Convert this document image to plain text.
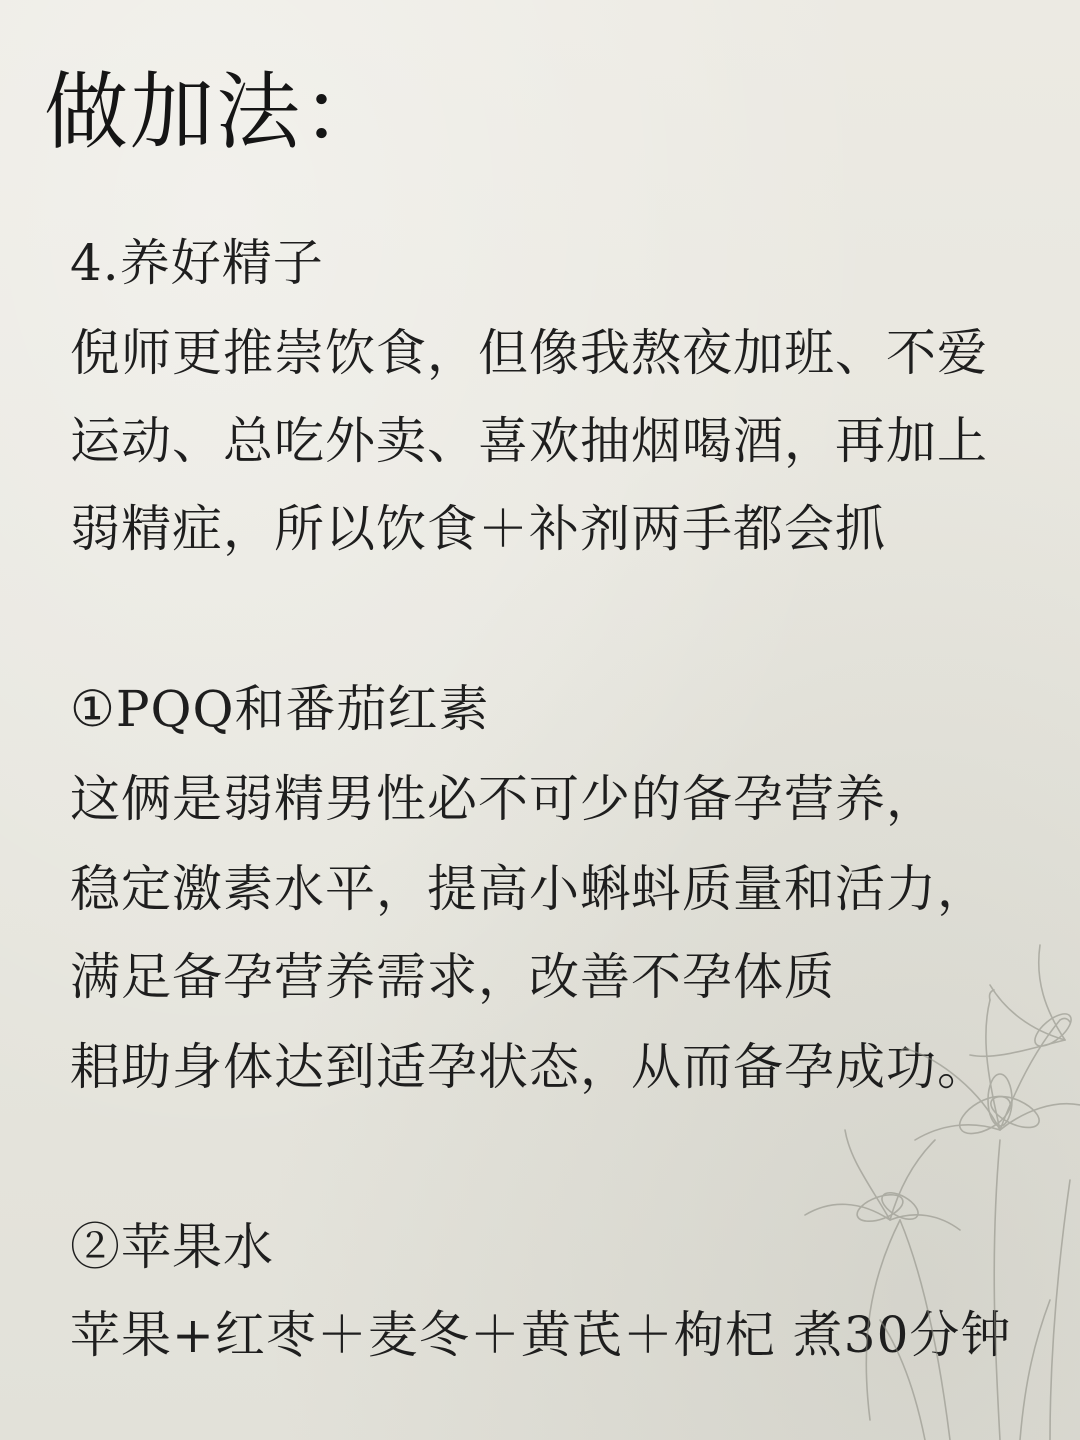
做加法：
4.养好精子
倪师更推崇饮食，但像我熬夜加班、不爱
运动、总吃外卖、喜欢抽烟喝酒，再加上
弱精症，所以饮食＋补剂两手都会抓
①PQQ和番茄红素
这俩是弱精男性必不可少的备孕营养，
稳定激素水平，提高小蝌蚪质量和活力，
满足备孕营养需求，改善不孕体质
耜助身体达到适孕状态，从而备孕成功。
②苹果水
苹果+红枣＋麦冬＋黄芪＋枸杞 煮30分钟
